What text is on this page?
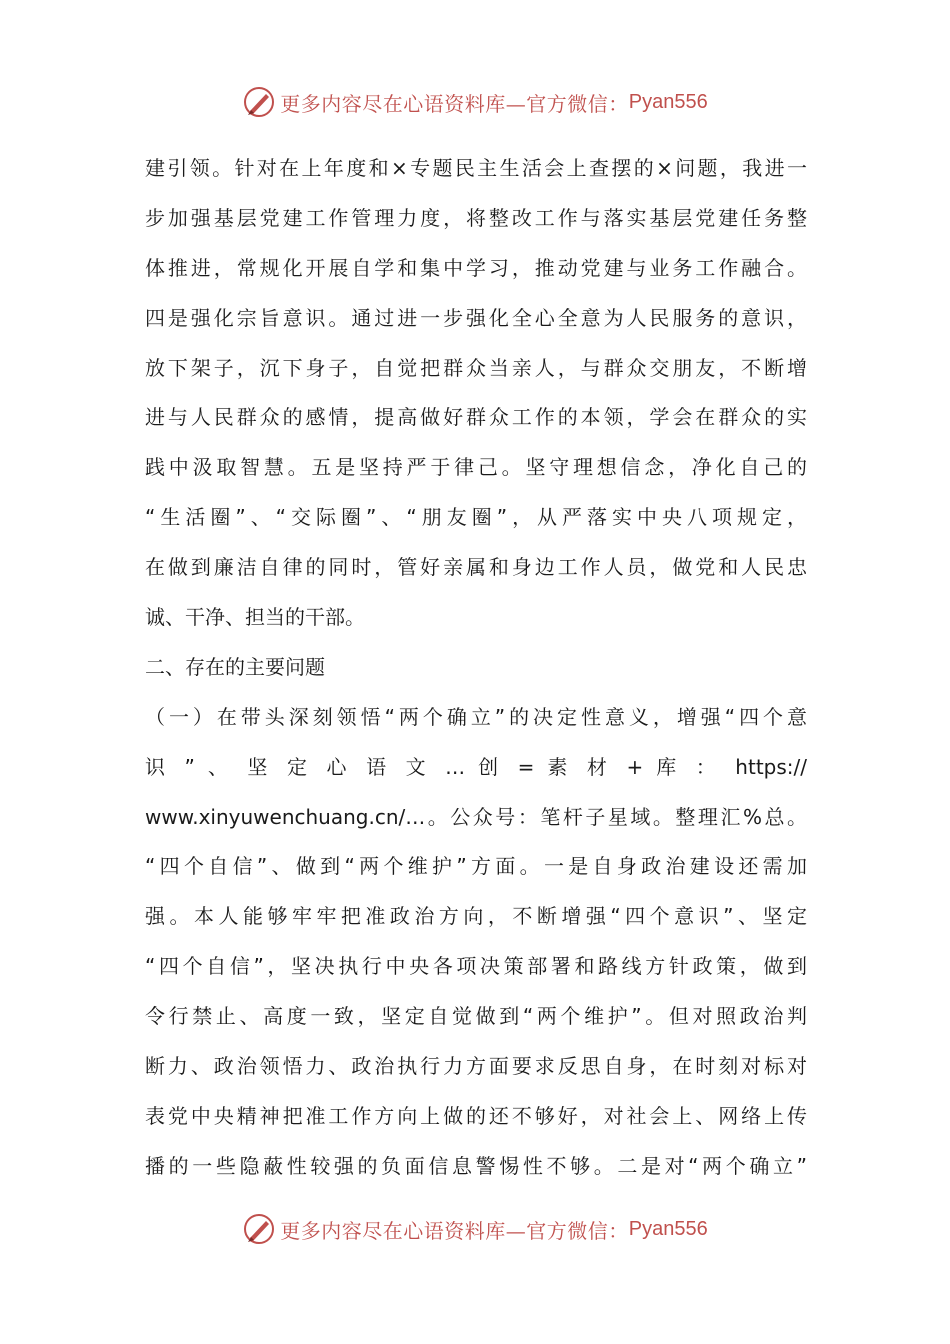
更多内容尽在心语资料库—官方微信： Pyan556
建引领。针对在上年度和×专题民主生活会上查摆的×问题，我进一
步加强基层党建工作管理力度，将整改工作与落实基层党建任务整
体推进，常规化开展自学和集中学习，推动党建与业务工作融合。
四是强化宗旨意识。通过进一步强化全心全意为人民服务的意识，
放下架子，沉下身子，自觉把群众当亲人，与群众交朋友，不断增
进与人民群众的感情，提高做好群众工作的本领，学会在群众的实
践中汲取智慧。五是坚持严于律己。坚守理想信念，净化自己的
“生活圈”、“交际圈”、“朋友圈”，从严落实中央八项规定，
在做到廉洁自律的同时，管好亲属和身边工作人员，做党和人民忠
诚、干净、担当的干部。
二、存在的主要问题
（一）在带头深刻领悟“两个确立”的决定性意义，增强“四个意
识 ” 、 坚 定 心 语 文 … 创 = 素 材 + 库 ： https://
www.xinyuwenchuang.cn/…。公众号：笔杆子星域。整理汇%总。
“四个自信”、做到“两个维护”方面。一是自身政治建设还需加
强。本人能够牢牢把准政治方向，不断增强“四个意识”、坚定
“四个自信”，坚决执行中央各项决策部署和路线方针政策，做到
令行禁止、高度一致，坚定自觉做到“两个维护”。但对照政治判
断力、政治领悟力、政治执行力方面要求反思自身，在时刻对标对
表党中央精神把准工作方向上做的还不够好，对社会上、网络上传
播的一些隐蔽性较强的负面信息警惕性不够。二是对“两个确立”
更多内容尽在心语资料库—官方微信： Pyan556
